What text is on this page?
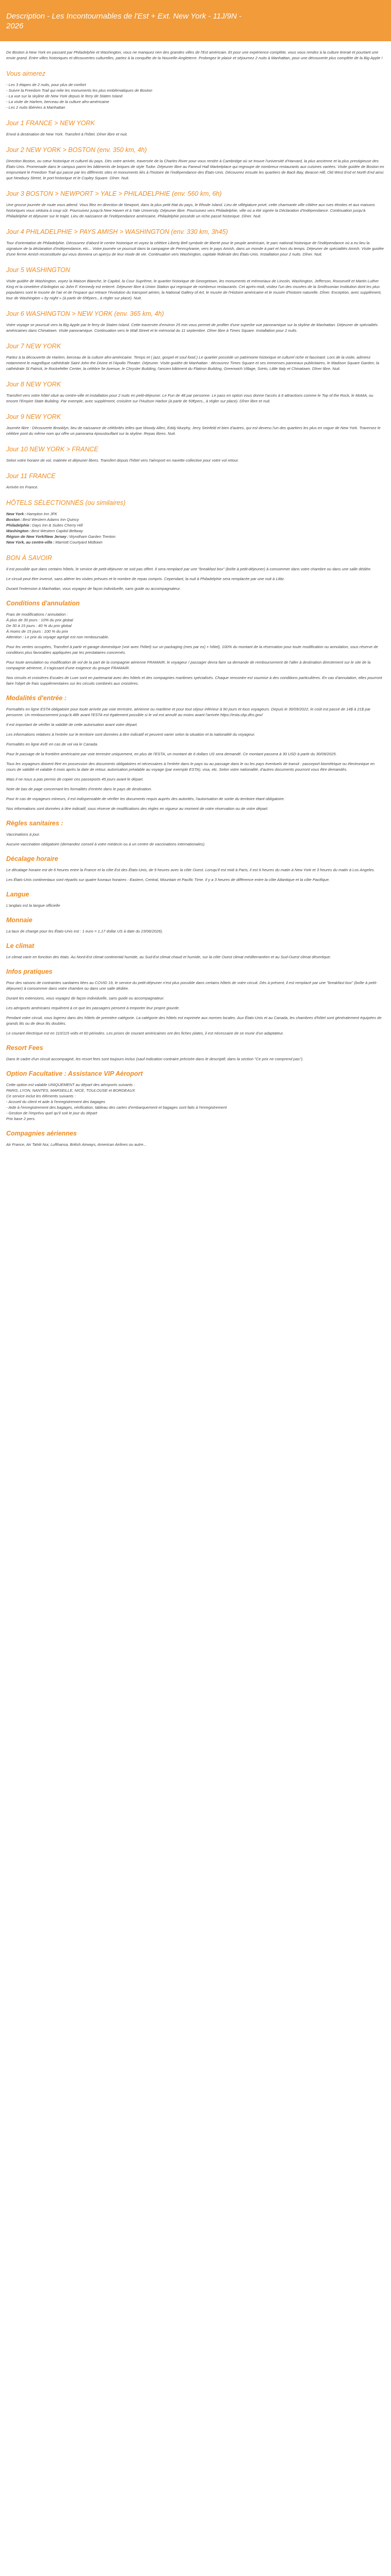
Description - Les Incontournables de l'Est + Ext. New York - 11J/9N -
2026

De Boston à New York en passant par Philadelphie et Washington, vous ne manquez rien des grandes villes de l'Est américain. Et pour une expérience complète, vous vous rendez à la culture tirerait et pourtant une envie grand. Entre villes historiques et découvertes culturelles, partez à la conquête de la Nouvelle-Angleterre. Prolongez le plaisir et séjournez 2 nuits à Manhattan, pour une découverte plus complète de la Big Apple !

Vous aimerez
- Les 3 étapes de 2 nuits, pour plus de confort
- Suivre la Freedom Trail qui relie les monuments les plus emblématiques de Boston
- La vue sur la skyline de New York depuis le ferry de Staten Island
- La visite de Harlem, berceau de la culture afro-américaine
- Les 2 nuits libérées à Manhattan
Jour 1 FRANCE > NEW YORK

Envol à destination de New York. Transfert à l'hôtel. Dîner libre et nuit.

Jour 2 NEW YORK > BOSTON (env. 350 km, 4h)

Direction Boston, ou cœur historique et culturel du pays. Dès votre arrivée, traversée de la Charles River pour vous rendre à Cambridge où se trouve l'université d'Harvard, la plus ancienne et la plus prestigieuse des États-Unis. Promenade dans le campus parmi les bâtiments de briques de style Tudor. Déjeuner libre au Faneuil Hall Marketplace qui regroupe de nombreux restaurants aux cuisines variées. Visite guidée de Boston en empruntant le Freedom Trail qui passe par les différents sites et monuments liés à l'histoire de l'indépendance des États-Unis. Découvrez ensuite les quartiers de Back Bay, Beacon Hill, Old West End et North End ainsi que Newbury Street, le port historique et le Copley Square. Dîner. Nuit.

Jour 3 BOSTON > NEWPORT > YALE > PHILADELPHIE (env. 560 km, 6h)

Une grosse journée de route vous attend. Vous filez en direction de Newport, dans la plus petit état du pays, le Rhode Island. Lieu de villégiature privé, cette charmante ville côtière aux rues étroites et aux maisons historiques vous séduira à coup sûr. Poursuivez jusqu'à New Haven et à Yale University. Déjeuner libre. Poursuivez vers Philadelphie, ville où a été signée la Déclaration d'Indépendance. Continuation jusqu'à Philadelphie et déjeuner sur le trajet. Lieu de naissance de l'indépendance américaine, Philadelphie possède un riche passé historique. Dîner. Nuit.

Jour 4 PHILADELPHIE > PAYS AMISH > WASHINGTON (env. 330 km, 3h45)

Tour d'orientation de Philadelphie. Découvrez d'abord le centre historique et voyez la célèbre Liberty Bell symbole de liberté pour le peuple américain, le parc national historique de l'Indépendance où a eu lieu la signature de la déclaration d'indépendance, etc... Votre journée se poursuit dans la campagne de Pennsylvanie, vers le pays Amish, dans un monde à part et hors du temps. Déjeuner de spécialités Amish. Visite guidée d'une ferme Amish reconstituée qui vous donnera un aperçu de leur mode de vie. Continuation vers Washington, capitale fédérale des États-Unis. Installation pour 2 nuits. Dîner. Nuit.

Jour 5 WASHINGTON

Visite guidée de Washington, voyez la Maison Blanche, le Capitol, la Cour Suprême, le quartier historique de Georgetown, les monuments et mémoriaux de Lincoln, Washington, Jefferson, Roosevelt et Martin Luther King et la cimetière d'Arlington où John F. Kennedy est enterré. Déjeuner libre à Union Station qui regroupe de nombreux restaurants. Cet après-midi, visitez l'un des musées de la Smithsonian Institution dont les plus populaires sont le musée de l'air et de l'espace qui retrace l'évolution du transport aérien, la National Gallery of Art, le musée de l'Histoire américaine et le musée d'histoire naturelle. Dîner. Exception, avec supplément, tour de Washington « by night » (à partir de 65€pers., à régler sur place). Nuit.

Jour 6 WASHINGTON > NEW YORK (env. 365 km, 4h)

Votre voyage se poursuit vers la Big Apple par le ferry de Staten Island. Cette traversée d'environ 25 min vous permet de profiter d'une superbe vue panoramique sur la skyline de Manhattan. Déjeuner de spécialités américaines dans Chinatown. Visite panoramique. Continuation vers le Wall Street et le mémorial du 11 septembre. Dîner libre à Times Square. Installation pour 2 nuits.

Jour 7 NEW YORK

Partez à la découverte de Harlem, berceau de la culture afro-américaine. Temps et ( jazz, gospel et soul food.) Le quartier possède un patrimoine historique et culturel riche et fascinant. Lors de la visite, admirez notamment le magnifique cathédrale Saint John the Divine et l'Apollo Theater. Déjeuner. Visite guidée de Manhattan : découvrez Times Square et ses immenses panneaux publicitaires, le Madison Square Garden, la cathédrale St Patrick, le Rockefeller Center, la célèbre 5e Avenue, le Chrysler Building, l'ancien bâtiment du Flatiron Building, Greenwich Village, SoHo, Little Italy et Chinatown. Dîner libre. Nuit.

Jour 8 NEW YORK

Transfert vers votre hôtel situé au centre-ville et installation pour 2 nuits en petit-déjeuner. Le Fun de 48 par personne. Le pass en option vous donne l'accès à 6 attractions comme le Top of the Rock, le MoMA, ou encore l'Empire State Building. Par exemple, avec supplément, croisière sur l'Hudson Harbor (à partir de 50€pers., à régler sur place). Dîner libre et nuit.

Jour 9 NEW YORK

Journée libre : Découverte Brooklyn, lieu de naissance de célébrités telles que Woody Allen, Eddy Murphy, Jerry Seinfeld et bien d'autres, qui est devenu l'un des quartiers les plus en vogue de New York. Traversez le célèbre pont du même nom qui offre un panorama époustouflant sur la skyline. Repas libres. Nuit.

Jour 10 NEW YORK > FRANCE

Selon votre horaire de vol, matinée et déjeuner libres. Transfert depuis l'hôtel vers l'aéroport en navette collective pour votre vol retour.

Jour 11 FRANCE

Arrivée en France.

HÔTELS SÉLECTIONNÉS (ou similaires)
New York : Hampton Inn JFK
Boston : Best Western Adams Inn Quincy
Philadelphie : Days Inn & Suites Cherry Hill
Washington : Best Western Capitol Beltway
Région de New York/New Jersey : Wyndham Garden Trenton
New York, au centre-ville : Marriott Courtyard Midtown
BON À SAVOIR

Il est possible que dans certains hôtels, le service de petit-déjeuner ne soit pas offert. Il sera remplacé par une "breakfast box" (boîte à petit-déjeuner) à consommer dans votre chambre ou dans une salle dédiée.

Le circuit peut être inversé, sans altérer les visites prévues et le nombre de repas compris. Cependant, la nuit à Philadelphie sera remplacée par une nuit à Lititz.

Durant l'extension à Manhattan, vous voyagez de façon individuelle, sans guide ou accompagnateur.

Conditions d'annulation

Frais de modifications / annulation :
À plus de 30 jours : 10% du prix global
De 30 à 15 jours : 40 % du prix global
À moins de 15 jours : 100 % du prix
Attention : Le prix du voyage agrégé est non remboursable.

Pour les ventes occupées, Transfert à partir et garage domestique (voir avec l'hôtel) sur un packaging (mes par ex) + hôtel), 100% du montant de la réservation pour toute modification ou annulation, sous réserve de conditions plus favorables appliquées par les prestataires concernés.

Pour toute annulation ou modification de vol de la part de la compagnie aérienne FRAMAIR, le voyageur / passager devra faire sa demande de remboursement de l'aller à destination directement sur le site de la compagnie aérienne, il s'agissant d'une exigence du groupe FRAMAIR.

Nos circuits et croisières Escales de Luxe sont en partenariat avec des hôtels et des compagnies maritimes spécialisés. Chaque rencontre est soumise à des conditions particulières. En cas d'annulation, elles pourront faire l'objet de frais supplémentaires sur les circuits combinés aux croisières.

Modalités d'entrée :

Formalités en ligne ESTA obligatoire pour toute arrivée par voie terrestre, aérienne ou maritime et pour tout séjour inférieur à 90 jours et tous voyageurs. Depuis le 30/09/2022, le coût est passé de 14$ à 21$ par personne. Un remboursement jusqu'à 48h avant l'ESTA est également possible si le vol est annulé au moins avant l'arrivée https://esta.cbp.dhs.gov/

Il est important de vérifier la validité de cette autorisation avant votre départ.

Les informations relatives à l'entrée sur le territoire sont données à titre indicatif et peuvent varier selon la situation et la nationalité du voyageur.

Formalités en ligne AVE en cas de vol via le Canada.

Pour le passage de la frontière américaine par voie terrestre uniquement, en plus de l'ESTA, un montant de 6 dollars US sera demandé. Ce montant passera à 30 USD à partir du 30/09/2025.

Tous les voyageurs doivent être en possession des documents obligatoires et nécessaires à l'entrée dans le pays ou au passage dans le ou les pays éventuels de transit : passeport biométrique ou électronique en cours de validité et valable 6 mois après la date de retour, autorisation préalable au voyage (par exemple ESTA), visa, etc. Selon votre nationalité, d'autres documents pourront vous être demandés.

Mais il ne nous a pas permis de copier ces passeports 45 jours avant le départ.

Note de bas de page concernant les formalités d'entrée dans le pays de destination.

Pour le cas de voyageurs mineurs, il est indispensable de vérifier les documents requis auprès des autorités, l'autorisation de sortie du territoire étant obligatoire.

Nos informations sont données à titre indicatif, sous réserve de modifications des règles en vigueur au moment de votre réservation ou de votre départ.

Règles sanitaires :

Vaccinations à jour.

Aucune vaccination obligatoire (demandez conseil à votre médecin ou à un centre de vaccinations internationales).

Décalage horaire

Le décalage horaire est de 6 heures entre la France et la côte Est des États-Unis, de 9 heures avec la côte Ouest. Lorsqu'il est midi à Paris, il est 6 heures du matin à New York et 3 heures du matin à Los Angeles.

Les États-Unis continentaux sont répartis sur quatre fuseaux horaires : Eastern, Central, Mountain et Pacific Time. Il y a 3 heures de différence entre la côte Atlantique et la côte Pacifique.

Langue

L'anglais est la langue officielle

Monnaie

La taux de change pour les États-Unis est : 1 euro = 1,17 dollar US à date du 23/06/2026).

Le climat

Le climat varie en fonction des états. Au Nord-Est climat continental humide, au Sud-Est climat chaud et humide, sur la côte Ouest climat méditerranéen et au Sud-Ouest climat désertique.

Infos pratiques

Pour des raisons de contraintes sanitaires liées au COVID 19, le service du petit-déjeuner n'est plus possible dans certains hôtels de votre circuit. Dès à présent, il est remplacé par une "breakfast box" (boîte à petit-déjeuner) à consommer dans votre chambre ou dans une salle dédiée.

Durant les extensions, vous voyagez de façon individuelle, sans guide ou accompagnateur.

Les aéroports américains requièrent à ce que les passagers pensent à emporter leur propre gourde.

Pendant votre circuit, vous logerez dans des hôtels de première catégorie. La catégorie des hôtels est exprimée aux normes locales. Aux États-Unis et au Canada, les chambres d'hôtel sont généralement équipées de grands lits ou de deux lits doubles.

Le courant électrique est en 110/115 volts et 60 périodes. Les prises de courant américaines ont des fiches plates, il est nécessaire de se munir d'un adaptateur.

Resort Fees

Dans le cadre d'un circuit accompagné, les resort fees sont toujours inclus (sauf indication contraire précisée dans le descriptif, dans la section "Ce prix ne comprend pas").

Option Facultative : Assistance VIP Aéroport
Cette option est valable UNIQUEMENT au départ des aéroports suivants :
PARIS, LYON, NANTES, MARSEILLE, NICE, TOULOUSE et BORDEAUX
Ce service inclut les éléments suivants :
- Accueil du client et aide à l'enregistrement des bagages
- Aide à l'enregistrement des bagages, vérification, tableau des cartes d'embarquement et bagages sont faits à l'enregistrement
- Gestion de l'imprévu quel qu'il soit le jour du départ
Prix base 2 pers.
Compagnies aériennes

Air France, Air Tahiti Nui, Lufthansa, British Airways, American Airlines ou autre...
